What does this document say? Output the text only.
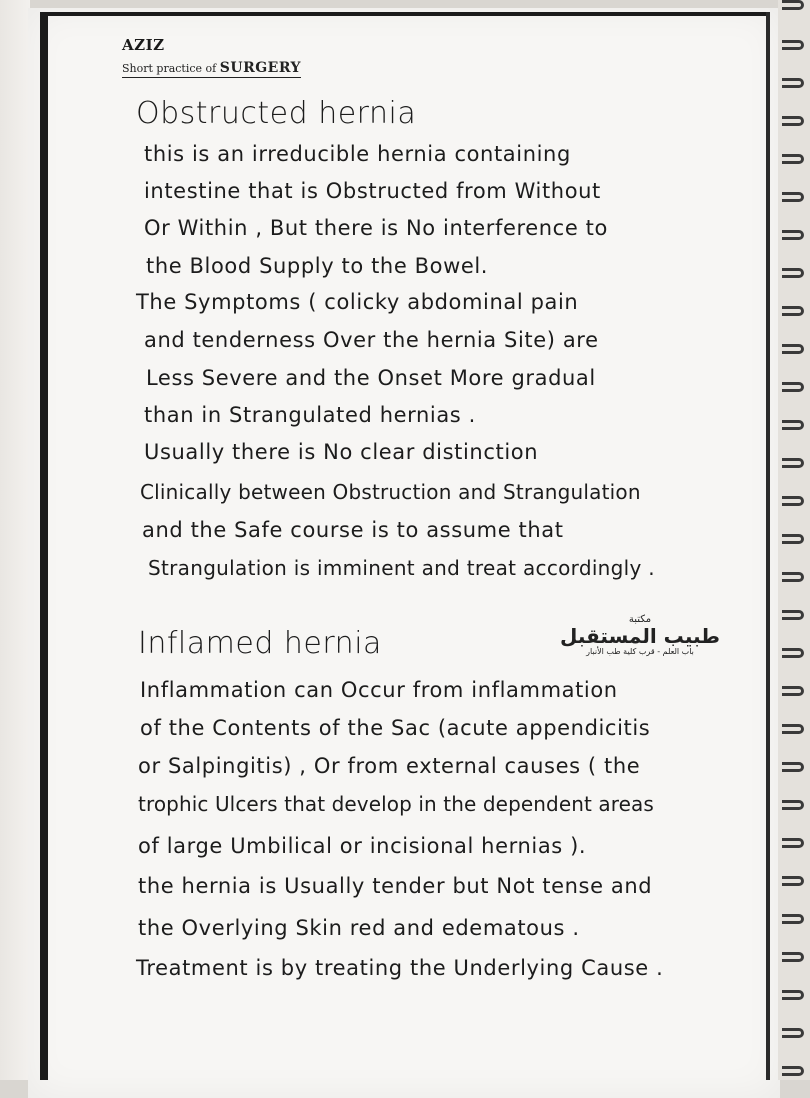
AZIZ
Short practice of SURGERY
Obstructed hernia
this is an irreducible hernia containing
intestine that is Obstructed from Without
Or Within , But there is No interference to
the Blood Supply to the Bowel.
The Symptoms ( colicky abdominal pain
and tenderness Over the hernia Site) are
Less Severe and the Onset More gradual
than in Strangulated hernias .
Usually there is No clear distinction
Clinically between Obstruction and Strangulation
and the Safe course is to assume that
Strangulation is imminent and treat accordingly .
مكتبة
طبيب المستقبل
باب العلم - قرب كلية طب الأنبار
Inflamed hernia
Inflammation can Occur from inflammation
of the Contents of the Sac (acute appendicitis
or Salpingitis) , Or from external causes ( the
trophic Ulcers that develop in the dependent areas
of large Umbilical or incisional hernias ).
the hernia is Usually tender but Not tense and
the Overlying Skin red and edematous .
Treatment is by treating the Underlying Cause .
